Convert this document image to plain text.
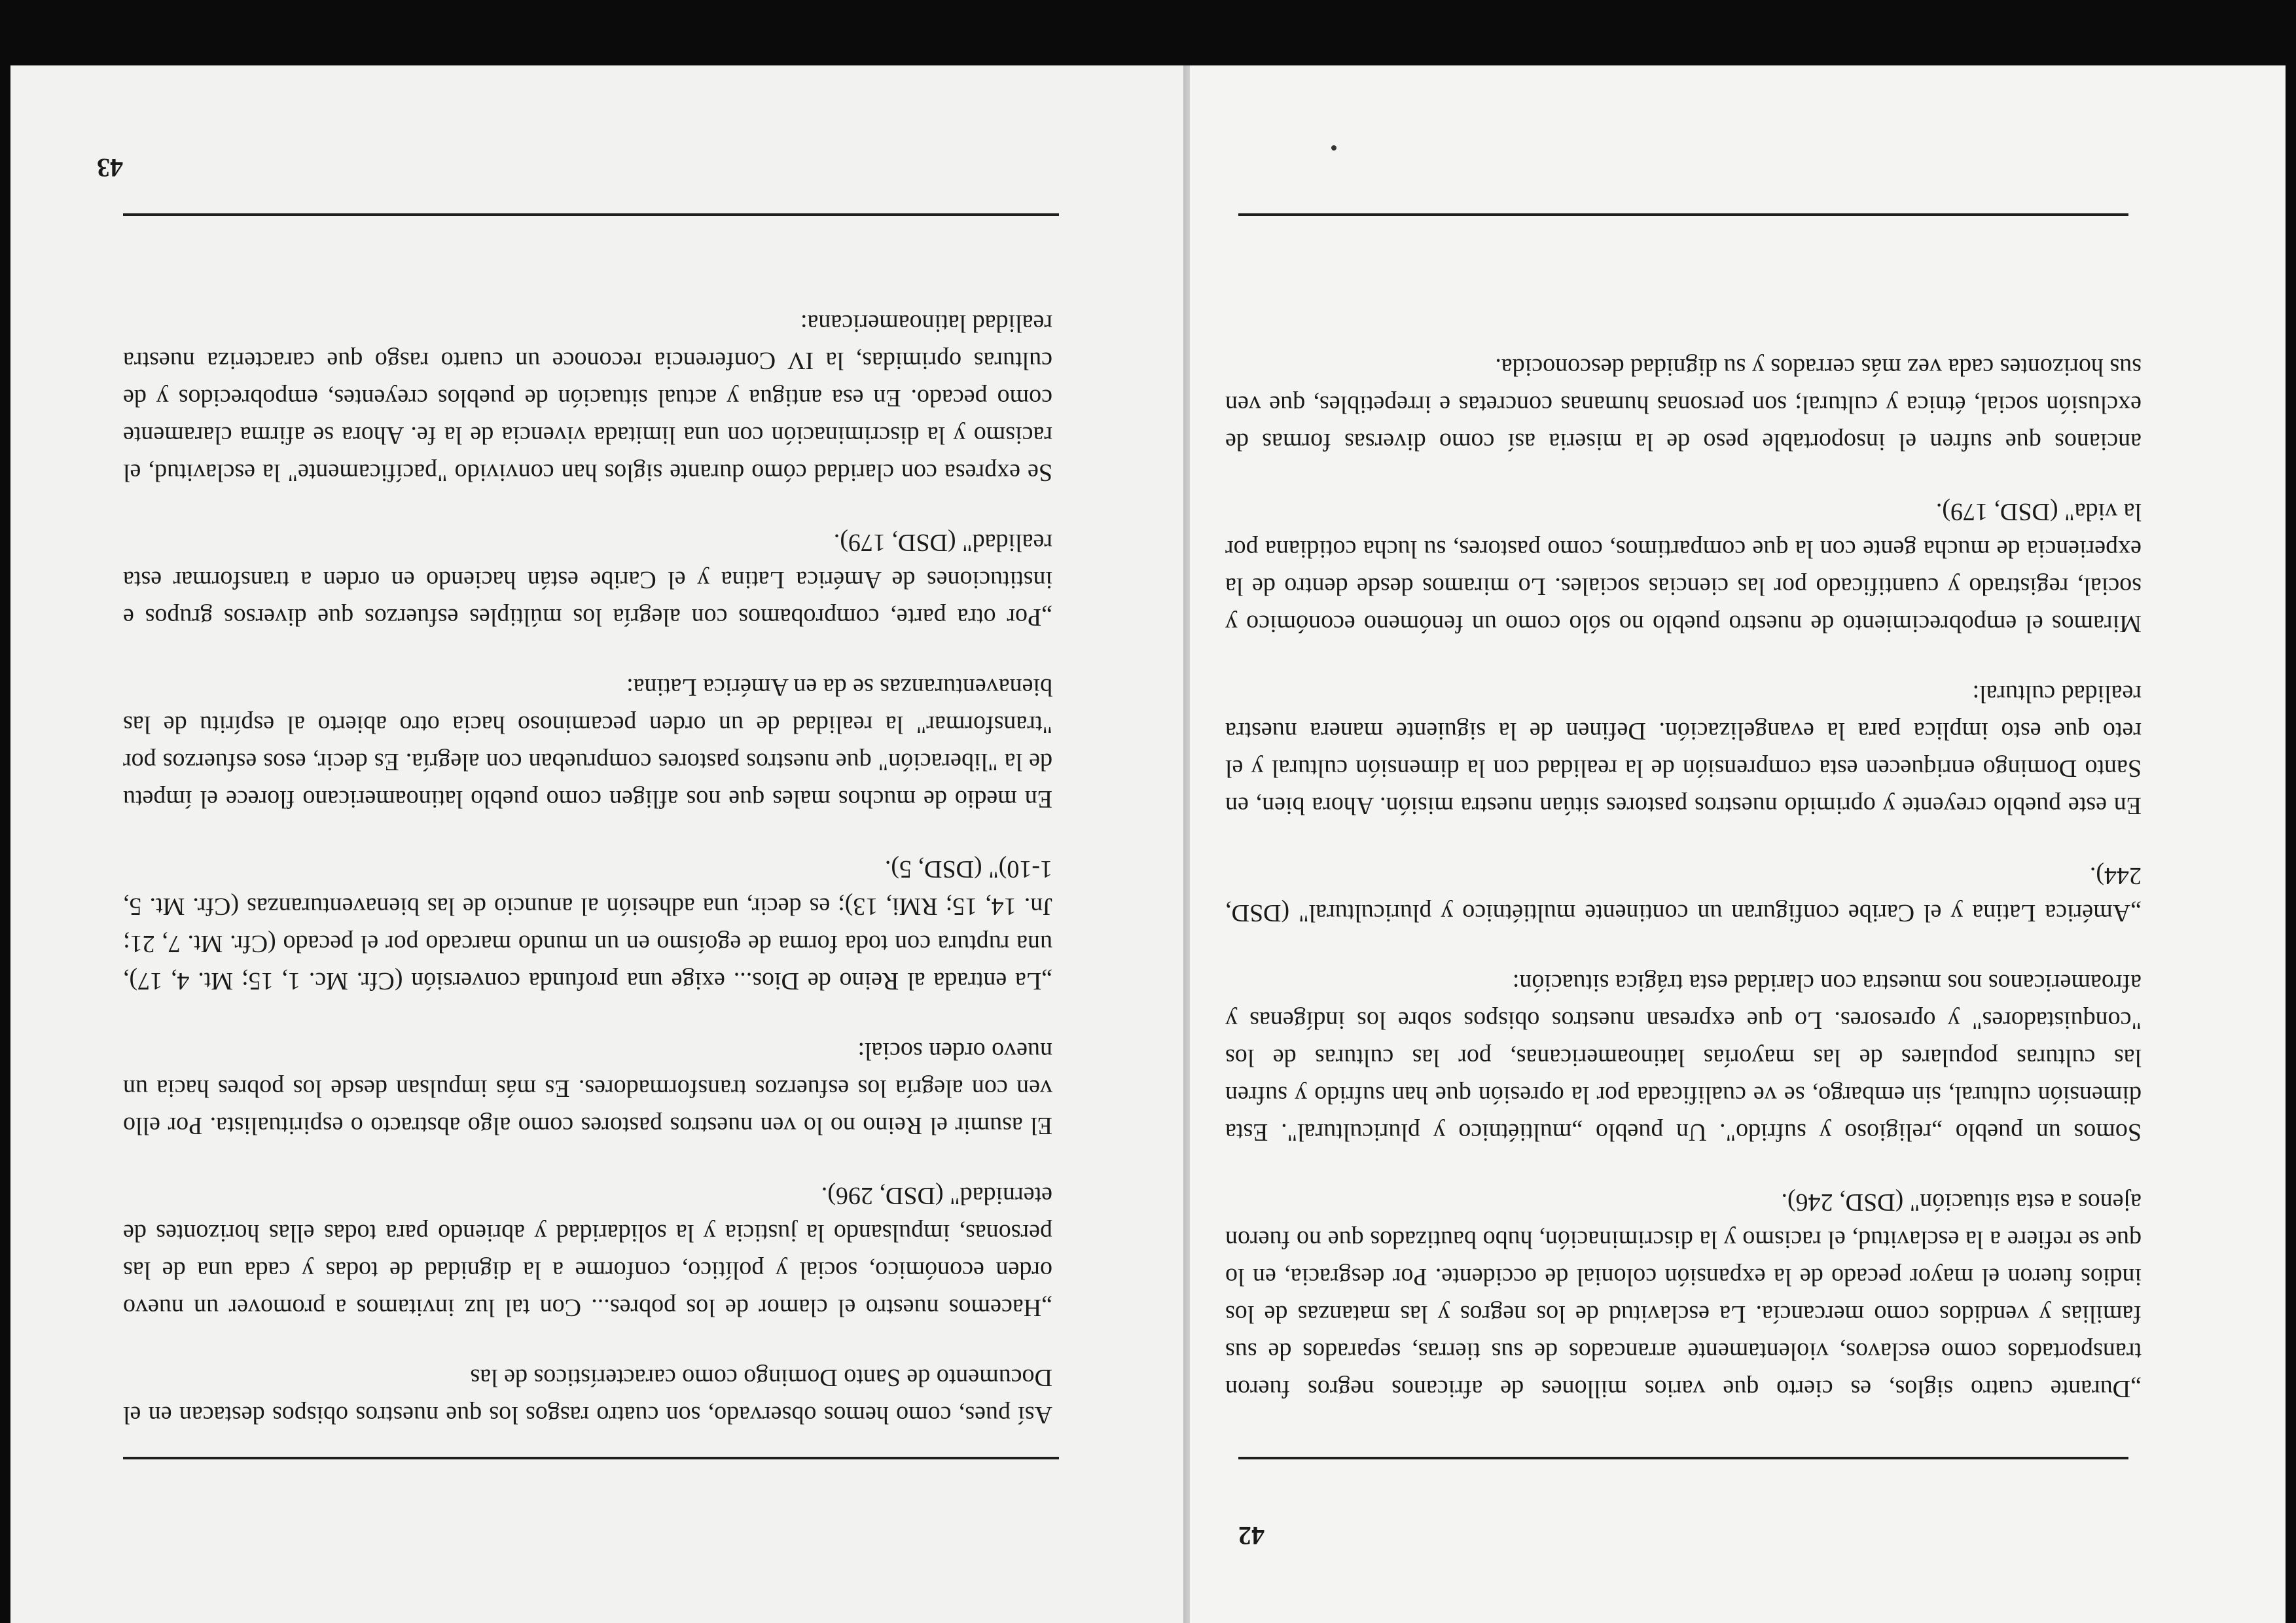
42

„Durante cuatro siglos, es cierto que varios millones de africanos negros fueron transportados como esclavos, violentamente arrancados de sus tierras, separados de sus familias y vendidos como mercancía. La esclavitud de los negros y las matanzas de los indios fueron el mayor pecado de la expansión colonial de occidente. Por desgracia, en lo que se refiere a la esclavitud, el racismo y la discriminación, hubo bautizados que no fueron ajenos a esta situación" (DSD, 246).

Somos un pueblo „religioso y sufrido". Un pueblo „multiétnico y pluricultural". Esta dimensión cultural, sin embargo, se ve cualificada por la opresión que han sufrido y sufren las culturas populares de las mayorías latinoamericanas, por las culturas de los "conquistadores" y opresores. Lo que expresan nuestros obispos sobre los indígenas y afroamericanos nos muestra con claridad esta trágica situación:

„América Latina y el Caribe configuran un continente multiétnico y pluricultural" (DSD, 244).

En este pueblo creyente y oprimido nuestros pastores sitúan nuestra misión. Ahora bien, en Santo Domingo enriquecen esta comprensión de la realidad con la dimensión cultural y el reto que esto implica para la evangelización. Definen de la siguiente manera nuestra realidad cultural:

Miramos el empobrecimiento de nuestro pueblo no sólo como un fenómeno económico y social, registrado y cuantificado por las ciencias sociales. Lo miramos desde dentro de la experiencia de mucha gente con la que compartimos, como pastores, su lucha cotidiana por la vida" (DSD, 179).

ancianos que sufren el insoportable peso de la miseria así como diversas formas de exclusión social, étnica y cultural; son personas humanas concretas e irrepetibles, que ven sus horizontes cada vez más cerrados y su dignidad desconocida.

43

Así pues, como hemos observado, son cuatro rasgos los que nuestros obispos destacan en el Documento de Santo Domingo como característicos de las

„Hacemos nuestro el clamor de los pobres... Con tal luz invitamos a promover un nuevo orden económico, social y político, conforme a la dignidad de todas y cada una de las personas, impulsando la justicia y la solidaridad y abriendo para todas ellas horizontes de eternidad" (DSD, 296).

El asumir el Reino no lo ven nuestros pastores como algo abstracto o espiritualista. Por ello ven con alegría los esfuerzos transformadores. Es más impulsan desde los pobres hacia un nuevo orden social:

„La entrada al Reino de Dios... exige una profunda conversión (Cfr. Mc. 1, 15; Mt. 4, 17), una ruptura con toda forma de egoísmo en un mundo marcado por el pecado (Cfr. Mt. 7, 21; Jn. 14, 15; RMi, 13); es decir, una adhesión al anuncio de las bienaventuranzas (Cfr. Mt. 5, 1-10)" (DSD, 5).

En medio de muchos males que nos afligen como pueblo latinoamericano florece el ímpetu de la "liberación" que nuestros pastores comprueban con alegría. Es decir, esos esfuerzos por "transformar" la realidad de un orden pecaminoso hacia otro abierto al espíritu de las bienaventuranzas se da en América Latina:

„Por otra parte, comprobamos con alegría los múltiples esfuerzos que diversos grupos e instituciones de América Latina y el Caribe están haciendo en orden a transformar esta realidad" (DSD, 179).

Se expresa con claridad cómo durante siglos han convivido "pacíficamente" la esclavitud, el racismo y la discriminación con una limitada vivencia de la fe. Ahora se afirma claramente como pecado. En esa antigua y actual situación de pueblos creyentes, empobrecidos y de culturas oprimidas, la IV Conferencia reconoce un cuarto rasgo que caracteriza nuestra realidad latinoamericana:
